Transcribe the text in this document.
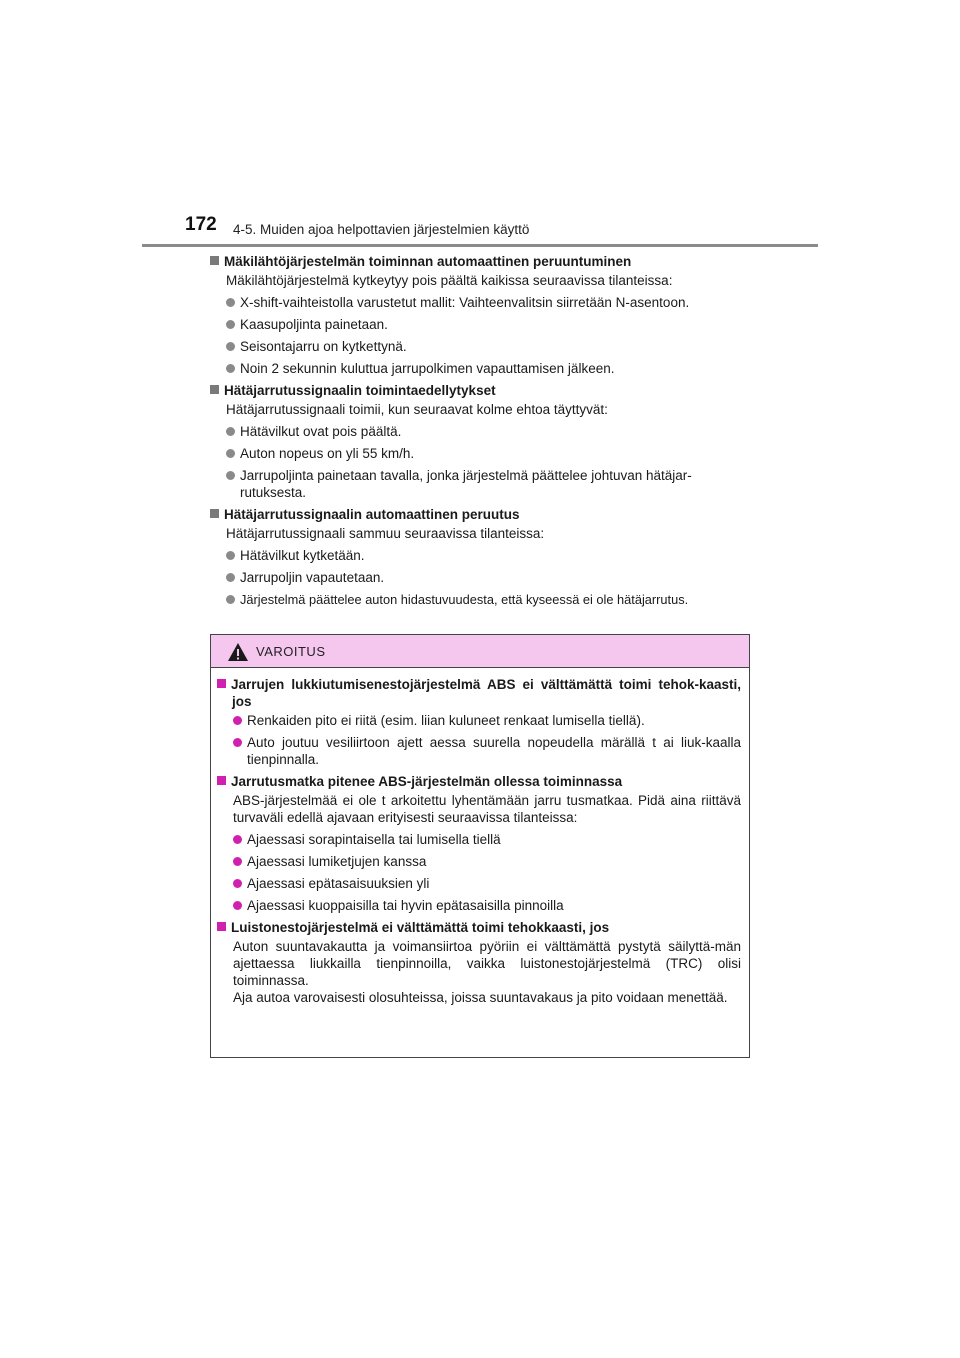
172 4-5. Muiden ajoa helpottavien järjestelmien käyttö
Mäkilähtöjärjestelmän toiminnan automaattinen peruuntuminen
Mäkilähtöjärjestelmä kytkeytyy pois päältä kaikissa seuraavissa tilanteissa:
X-shift-vaihteistolla varustetut mallit: Vaihteenvalitsin siirretään N-asentoon.
Kaasupoljinta painetaan.
Seisontajarru on kytkettynä.
Noin 2 sekunnin kuluttua jarrupolkimen vapauttamisen jälkeen.
Hätäjarrutussignaalin toimintaedellytykset
Hätäjarrutussignaali toimii, kun seuraavat kolme ehtoa täyttyvät:
Hätävilkut ovat pois päältä.
Auton nopeus on yli 55 km/h.
Jarrupoljinta painetaan tavalla, jonka järjestelmä päättelee johtuvan hätäjar-rutuksesta.
Hätäjarrutussignaalin automaattinen peruutus
Hätäjarrutussignaali sammuu seuraavissa tilanteissa:
Hätävilkut kytketään.
Jarrupoljin vapautetaan.
Järjestelmä päättelee auton hidastuvuudesta, että kyseessä ei ole hätäjarrutus.
VAROITUS
Jarrujen lukkiutumisenestojärjestelmä ABS ei välttämättä toimi tehok-kaasti, jos
Renkaiden pito ei riitä (esim. liian kuluneet renkaat lumisella tiellä).
Auto joutuu vesiliirtoon ajett aessa suurella nopeudella märällä t ai liuk-kaalla tienpinnalla.
Jarrutusmatka pitenee ABS-järjestelmän ollessa toiminnassa
ABS-järjestelmää ei ole t arkoitettu lyhentämään jarru tusmatkaa. Pidä aina riittävä turvaväli edellä ajavaan erityisesti seuraavissa tilanteissa:
Ajaessasi sorapintaisella tai lumisella tiellä
Ajaessasi lumiketjujen kanssa
Ajaessasi epätasaisuuksien yli
Ajaessasi kuoppaisilla tai hyvin epätasaisilla pinnoilla
Luistonestojärjestelmä ei välttämättä toimi tehokkaasti, jos
Auton suuntavakautta ja voimansiirtoa pyöriin ei välttämättä pystytä säilyttä-män ajettaessa liukkailla tienpinnoilla, vaikka luistonestojärjestelmä (TRC) olisi toiminnassa.
Aja autoa varovaisesti olosuhteissa, joissa suuntavakaus ja pito voidaan menettää.
